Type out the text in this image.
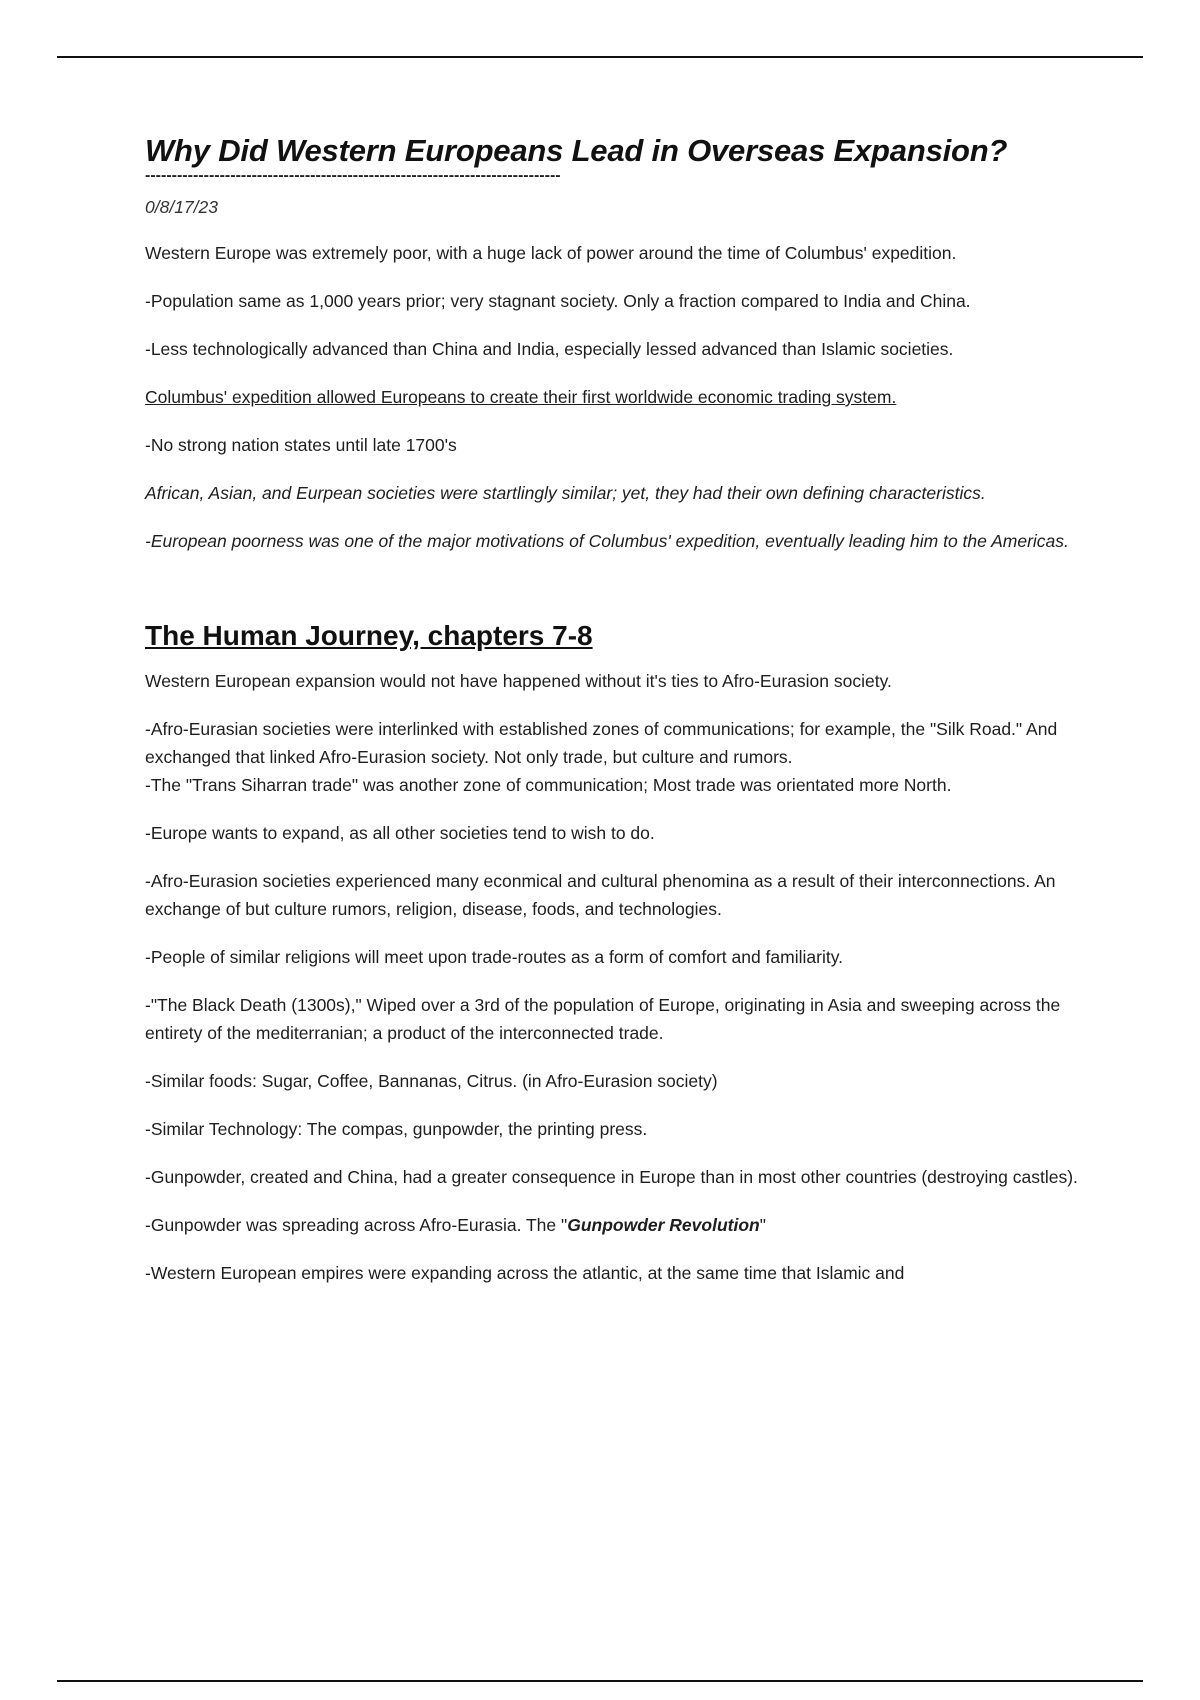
Why Did Western Europeans Lead in Overseas Expansion?
------------------------------------------------------------------------------

0/8/17/23

Western Europe was extremely poor, with a huge lack of power around the time of Columbus' expedition.

-Population same as 1,000 years prior; very stagnant society. Only a fraction compared to India and China.

-Less technologically advanced than China and India, especially lessed advanced than Islamic societies.

Columbus' expedition allowed Europeans to create their first worldwide economic trading system.

-No strong nation states until late 1700's

African, Asian, and Eurpean societies were startlingly similar; yet, they had their own defining characteristics.

-European poorness was one of the major motivations of Columbus' expedition, eventually leading him to the Americas.

The Human Journey, chapters 7-8

Western European expansion would not have happened without it's ties to Afro-Eurasion society.

-Afro-Eurasian societies were interlinked with established zones of communications; for example, the "Silk Road." And exchanged that linked Afro-Eurasion society. Not only trade, but culture and rumors.

-The "Trans Siharran trade" was another zone of communication; Most trade was orientated more North.

-Europe wants to expand, as all other societies tend to wish to do.

-Afro-Eurasion societies experienced many econmical and cultural phenomina as a result of their interconnections. An exchange of but culture rumors, religion, disease, foods, and technologies.

-People of similar religions will meet upon trade-routes as a form of comfort and familiarity.

-"The Black Death (1300s)," Wiped over a 3rd of the population of Europe, originating in Asia and sweeping across the entirety of the mediterranian; a product of the interconnected trade.

-Similar foods: Sugar, Coffee, Bannanas, Citrus. (in Afro-Eurasion society)

-Similar Technology: The compas, gunpowder, the printing press.

-Gunpowder, created and China, had a greater consequence in Europe than in most other countries (destroying castles).

-Gunpowder was spreading across Afro-Eurasia. The "Gunpowder Revolution"

-Western European empires were expanding across the atlantic, at the same time that Islamic and
